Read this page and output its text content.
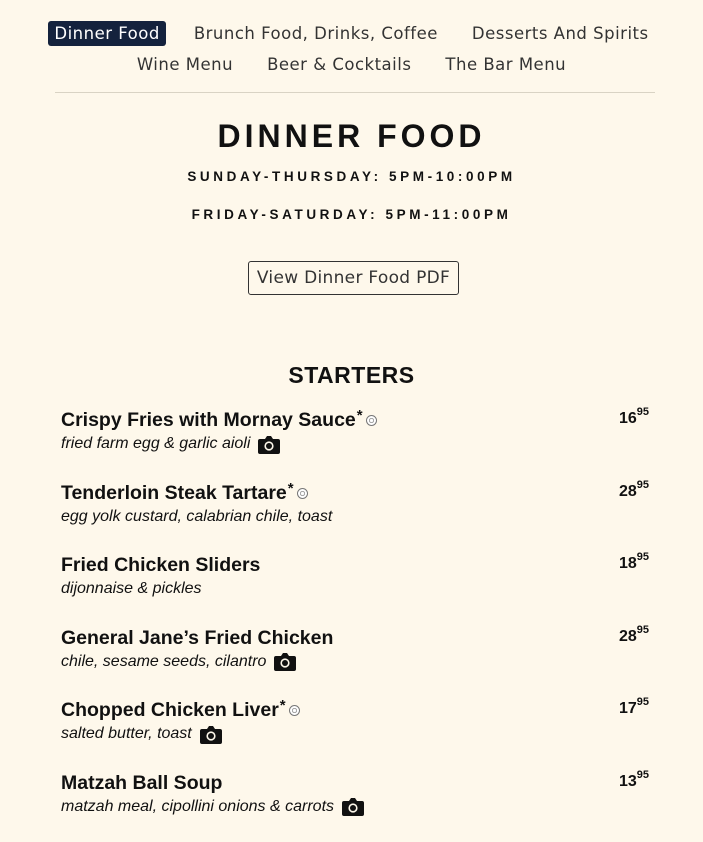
Dinner Food	Brunch Food, Drinks, Coffee	Desserts And Spirits
Wine Menu	Beer & Cocktails	The Bar Menu
DINNER FOOD
SUNDAY-THURSDAY: 5PM-10:00PM
FRIDAY-SATURDAY: 5PM-11:00PM
View Dinner Food PDF
STARTERS
Crispy Fries with Mornay Sauce *
fried farm egg & garlic aioli
$16^{95}$
Tenderloin Steak Tartare *
egg yolk custard, calabrian chile, toast
$28^{95}$
Fried Chicken Sliders
dijonnaise & pickles
$18^{95}$
General Jane’s Fried Chicken
chile, sesame seeds, cilantro
$28^{95}$
Chopped Chicken Liver *
salted butter, toast
$17^{95}$
Matzah Ball Soup
matzah meal, cipollini onions & carrots
$13^{95}$
